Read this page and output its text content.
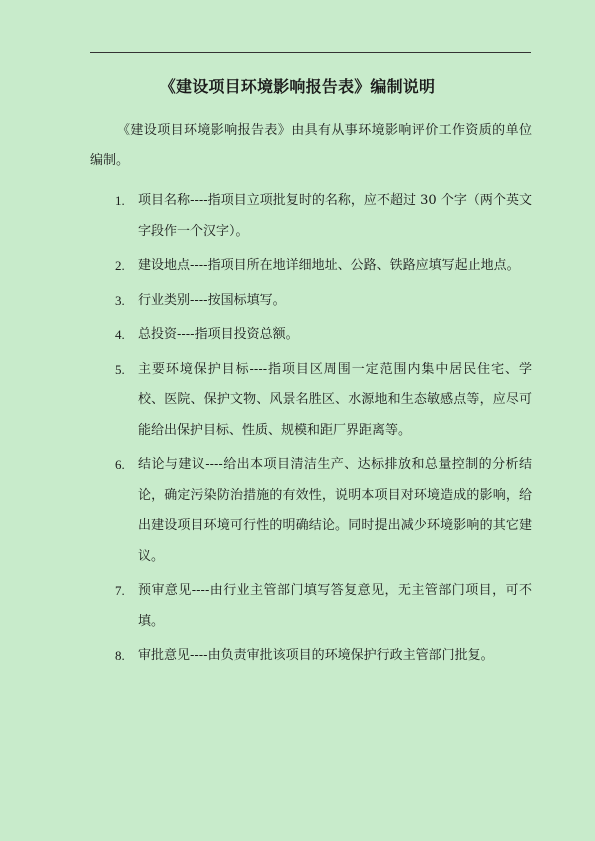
《建设项目环境影响报告表》编制说明
《建设项目环境影响报告表》由具有从事环境影响评价工作资质的单位编制。
1. 项目名称----指项目立项批复时的名称，应不超过 30 个字（两个英文字段作一个汉字）。
2. 建设地点----指项目所在地详细地址、公路、铁路应填写起止地点。
3. 行业类别----按国标填写。
4. 总投资----指项目投资总额。
5. 主要环境保护目标----指项目区周围一定范围内集中居民住宅、学校、医院、保护文物、风景名胜区、水源地和生态敏感点等，应尽可能给出保护目标、性质、规模和距厂界距离等。
6. 结论与建议----给出本项目清洁生产、达标排放和总量控制的分析结论，确定污染防治措施的有效性，说明本项目对环境造成的影响，给出建设项目环境可行性的明确结论。同时提出减少环境影响的其它建议。
7. 预审意见----由行业主管部门填写答复意见，无主管部门项目，可不填。
8. 审批意见----由负责审批该项目的环境保护行政主管部门批复。
